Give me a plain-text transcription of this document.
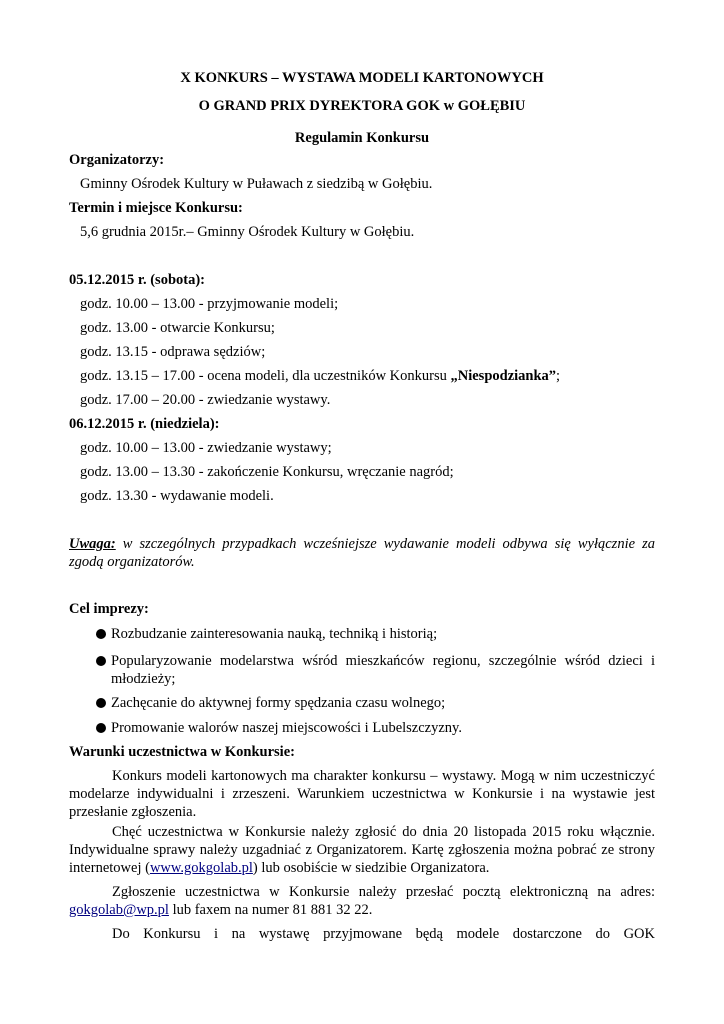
X KONKURS – WYSTAWA MODELI KARTONOWYCH
O GRAND PRIX DYREKTORA GOK w GOŁĘBIU
Regulamin Konkursu
Organizatorzy:
Gminny Ośrodek Kultury w Puławach z siedzibą w Gołębiu.
Termin i miejsce Konkursu:
5,6 grudnia 2015r.– Gminny Ośrodek Kultury w Gołębiu.
05.12.2015 r. (sobota):
godz. 10.00 – 13.00 - przyjmowanie modeli;
godz. 13.00 - otwarcie Konkursu;
godz. 13.15 - odprawa sędziów;
godz. 13.15 – 17.00 - ocena modeli, dla uczestników Konkursu „Niespodzianka”;
godz. 17.00 – 20.00 - zwiedzanie wystawy.
06.12.2015 r. (niedziela):
godz. 10.00 – 13.00 - zwiedzanie wystawy;
godz. 13.00 – 13.30 - zakończenie Konkursu, wręczanie nagród;
godz. 13.30 - wydawanie modeli.
Uwaga: w szczególnych przypadkach wcześniejsze wydawanie modeli odbywa się wyłącznie za zgodą organizatorów.
Cel imprezy:
Rozbudzanie zainteresowania nauką, techniką i historią;
Popularyzowanie modelarstwa wśród mieszkańców regionu, szczególnie wśród dzieci i młodzieży;
Zachęcanie do aktywnej formy spędzania czasu wolnego;
Promowanie walorów naszej miejscowości i Lubelszczyzny.
Warunki uczestnictwa w Konkursie:
Konkurs modeli kartonowych ma charakter konkursu – wystawy. Mogą w nim uczestniczyć modelarze indywidualni i zrzeszeni. Warunkiem uczestnictwa w Konkursie i na wystawie jest przesłanie zgłoszenia.
Chęć uczestnictwa w Konkursie należy zgłosić do dnia 20 listopada 2015 roku włącznie. Indywidualne sprawy należy uzgadniać z Organizatorem. Kartę zgłoszenia można pobrać ze strony internetowej (www.gokgolab.pl) lub osobiście w siedzibie Organizatora.
Zgłoszenie uczestnictwa w Konkursie należy przesłać pocztą elektroniczną na adres: gokgolab@wp.pl lub faxem na numer 81 881 32 22.
Do Konkursu i na wystawę przyjmowane będą modele dostarczone do GOK
